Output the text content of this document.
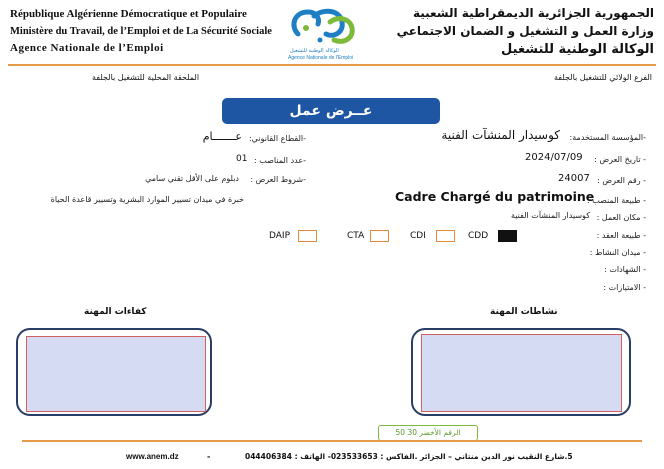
République Algérienne Démocratique et Populaire
Ministère du Travail, de l’Emploi et de La Sécurité Sociale
Agence Nationale de l’Emploi
الجمهورية الجزائرية الديمقراطية الشعبية
وزارة العمل و التشغيل و الضمان الاجتماعي
الوكالة الوطنية للتشغيل
الوكالة الوطنية للتشغيل
Agence Nationale de l'Emploi
الفرع الولائي للتشغيل بالجلفة
الملحقة المحلية للتشغيل بالجلفة
عــرض عمل
-المؤسسة المستخدمة:
كوسيدار المنشآت الفنية
- تاريخ العرض :
2024/07/09
- رقم العرض :
24007
- طبيعة المنصب :
Cadre Chargé du patrimoine
- مكان العمل :
كوسيدار المنشآت الفنية
- طبيعة العقد :
- ميدان النشاط :
- الشهادات :
- الامتيازات :
-القطاع القانوني:
عـــــــام
-عدد المناصب :
01
-شروط العرض :
دبلوم على الأقل تقني سامي
خبرة في ميدان تسيير الموارد البشرية وتسيير قاعدة الحياة
CDD
CDI
CTA
DAIP
نشاطات المهنة
كفاءات المهنة
الرقم الأخضر 30 50
5.شارع النقيب نور الدين منتاني – الجزائر .الفاكس : 023533653- الهاتف : 044406384
-
www.anem.dz
